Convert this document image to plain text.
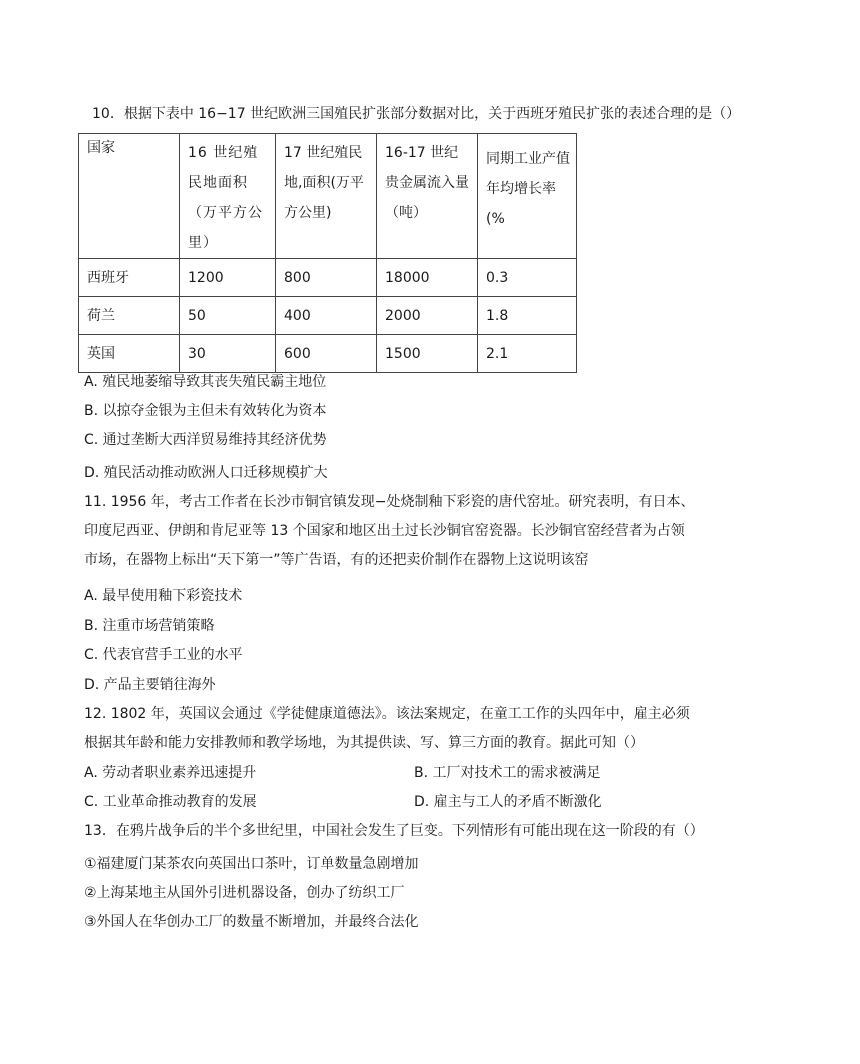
10．根据下表中 16−17 世纪欧洲三国殖民扩张部分数据对比，关于西班牙殖民扩张的表述合理的是（）
国家	16 世纪殖民地面积（万平方公里）	17 世纪殖民地,面积(万平方公里)	16-17 世纪贵金属流入量（吨）	同期工业产值年均增长率(%
西班牙	1200	800	18000	0.3
荷兰	50	400	2000	1.8
英国	30	600	1500	2.1
A. 殖民地萎缩导致其丧失殖民霸主地位
B. 以掠夺金银为主但未有效转化为资本
C. 通过垄断大西洋贸易维持其经济优势
D. 殖民活动推动欧洲人口迁移规模扩大
11. 1956 年，考古工作者在长沙市铜官镇发现−处烧制釉下彩瓷的唐代窑址。研究表明，有日本、
印度尼西亚、伊朗和肯尼亚等 13 个国家和地区出土过长沙铜官窑瓷器。长沙铜官窑经营者为占领
市场，在器物上标出“天下第一”等广告语，有的还把卖价制作在器物上这说明该窑
A. 最早使用釉下彩瓷技术
B. 注重市场营销策略
C. 代表官营手工业的水平
D. 产品主要销往海外
12. 1802 年，英国议会通过《学徒健康道德法》。该法案规定，在童工工作的头四年中，雇主必须
根据其年龄和能力安排教师和教学场地，为其提供读、写、算三方面的教育。据此可知（）
A. 劳动者职业素养迅速提升	B. 工厂对技术工的需求被满足
C. 工业革命推动教育的发展	D. 雇主与工人的矛盾不断激化
13．在鸦片战争后的半个多世纪里，中国社会发生了巨变。下列情形有可能出现在这一阶段的有（）
①福建厦门某茶农向英国出口茶叶，订单数量急剧增加
②上海某地主从国外引进机器设备，创办了纺织工厂
③外国人在华创办工厂的数量不断增加，并最终合法化
